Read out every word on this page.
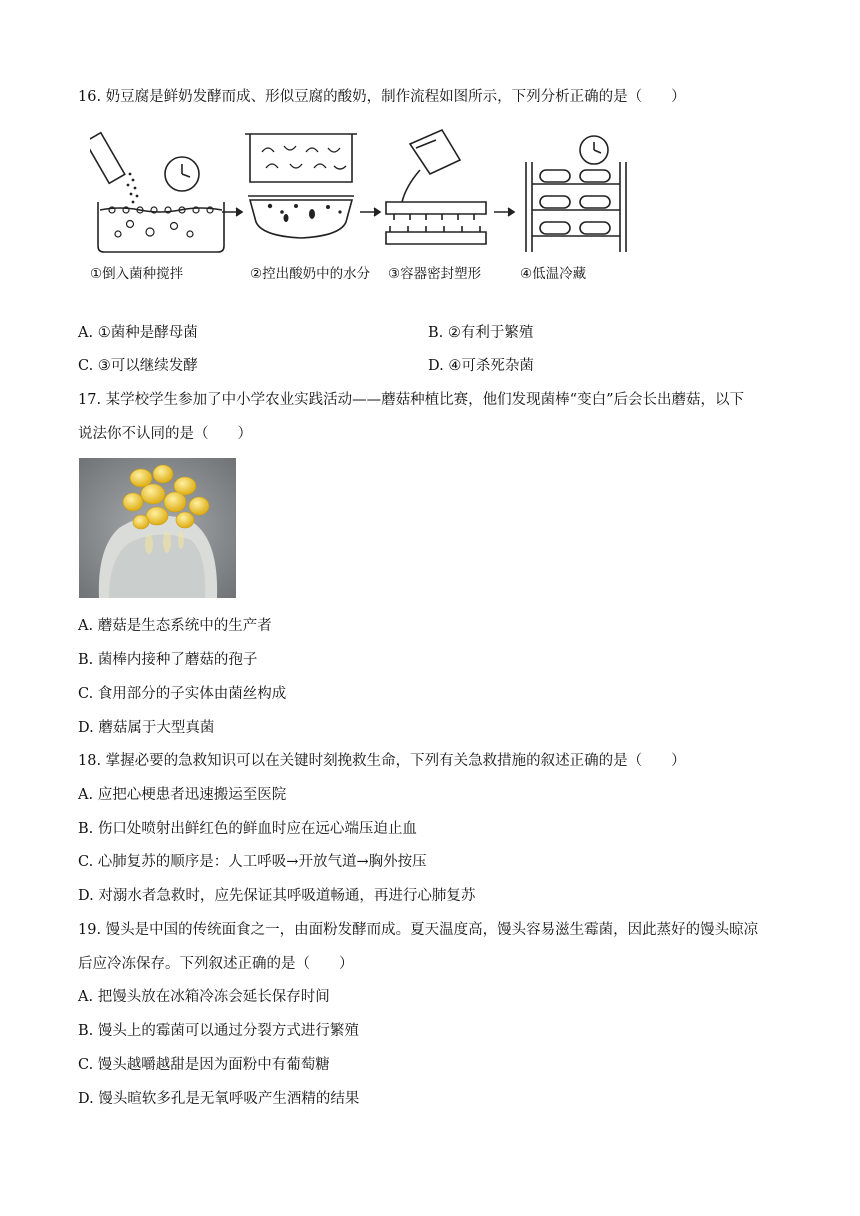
16. 奶豆腐是鲜奶发酵而成、形似豆腐的酸奶，制作流程如图所示，下列分析正确的是（　　）
①倒入菌种搅拌	②控出酸奶中的水分 ③容器密封塑形	④低温冷藏
A. ①菌种是酵母菌	B. ②有利于繁殖
C. ③可以继续发酵	D. ④可杀死杂菌
17. 某学校学生参加了中小学农业实践活动——蘑菇种植比赛，他们发现菌棒“变白”后会长出蘑菇，以下
说法你不认同的是（　　）
A. 蘑菇是生态系统中的生产者
B. 菌棒内接种了蘑菇的孢子
C. 食用部分的子实体由菌丝构成
D. 蘑菇属于大型真菌
18. 掌握必要的急救知识可以在关键时刻挽救生命，下列有关急救措施的叙述正确的是（　　）
A. 应把心梗患者迅速搬运至医院
B. 伤口处喷射出鲜红色的鲜血时应在远心端压迫止血
C. 心肺复苏的顺序是：人工呼吸→开放气道→胸外按压
D. 对溺水者急救时，应先保证其呼吸道畅通，再进行心肺复苏
19. 馒头是中国的传统面食之一，由面粉发酵而成。夏天温度高，馒头容易滋生霉菌，因此蒸好的馒头晾凉
后应冷冻保存。下列叙述正确的是（　　）
A. 把馒头放在冰箱冷冻会延长保存时间
B. 馒头上的霉菌可以通过分裂方式进行繁殖
C. 馒头越嚼越甜是因为面粉中有葡萄糖
D. 馒头暄软多孔是无氧呼吸产生酒精的结果
